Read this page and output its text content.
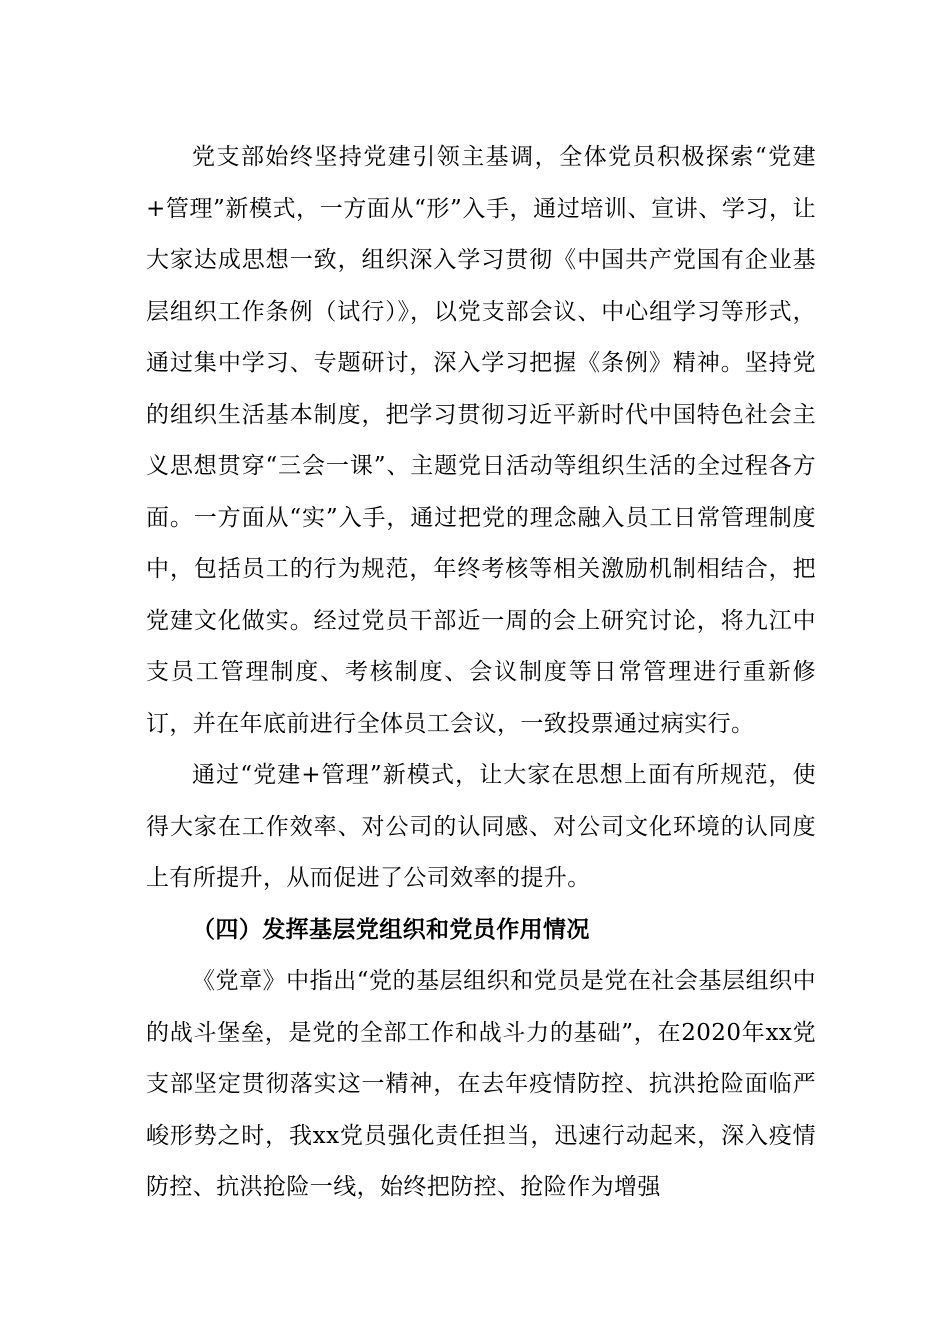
党支部始终坚持党建引领主基调，全体党员积极探索“党建+管理”新模式，一方面从“形”入手，通过培训、宣讲、学习，让大家达成思想一致，组织深入学习贯彻《中国共产党国有企业基层组织工作条例（试行）》，以党支部会议、中心组学习等形式，通过集中学习、专题研讨，深入学习把握《条例》精神。坚持党的组织生活基本制度，把学习贯彻习近平新时代中国特色社会主义思想贯穿“三会一课”、主题党日活动等组织生活的全过程各方面。一方面从“实”入手，通过把党的理念融入员工日常管理制度中，包括员工的行为规范，年终考核等相关激励机制相结合，把党建文化做实。经过党员干部近一周的会上研究讨论，将九江中支员工管理制度、考核制度、会议制度等日常管理进行重新修订，并在年底前进行全体员工会议，一致投票通过病实行。

通过“党建+管理”新模式，让大家在思想上面有所规范，使得大家在工作效率、对公司的认同感、对公司文化环境的认同度上有所提升，从而促进了公司效率的提升。

（四）发挥基层党组织和党员作用情况

《党章》中指出“党的基层组织和党员是党在社会基层组织中的战斗堡垒，是党的全部工作和战斗力的基础”，在2020年xx党支部坚定贯彻落实这一精神，在去年疫情防控、抗洪抢险面临严峻形势之时，我xx党员强化责任担当，迅速行动起来，深入疫情防控、抗洪抢险一线，始终把防控、抢险作为增强
